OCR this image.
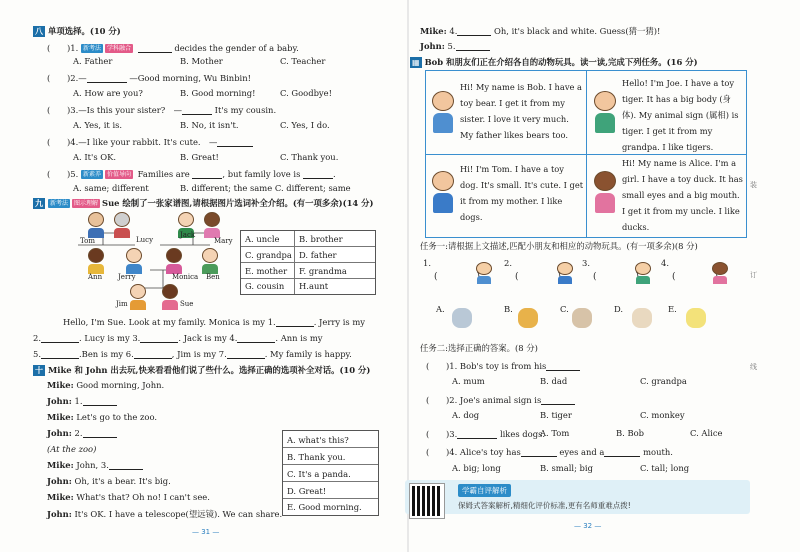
八 单项选择。(10 分)
(　　)1. 新考法 学科融合	decides the gender of a baby.
A. Father	B. Mother	C. Teacher
(　　)2.—	—Good morning, Wu Binbin!
A. How are you?	B. Good morning!	C. Goodbye!
(　　)3.—Is this your sister?　—	It's my cousin.
A. Yes, it is.	B. No, it isn't.	C. Yes, I do.
(　　)4.—I like your rabbit. It's cute.　—
A. It's OK.	B. Great!	C. Thank you.
(　　)5. 新素养 价值导向 Families are	, but family love is	.
A. same; different	B. different; the same C. different; same
九 新考法 图示理解 Sue 绘制了一张家谱图,请根据图片选词补全介绍。(有一项多余)(14 分)
Tom	Lucy
Jack
Mary
Ann Jerry	Monica Ben
Jim	Sue
A. uncle B. brother
C. grandpa D. father
E. mother F. grandma
G. cousin H.aunt
Hello, I'm Sue. Look at my family. Monica is my 1.	. Jerry is my
2.	. Lucy is my 3.	. Jack is my 4.	. Ann is my
5.	.Ben is my 6.	, Jim is my 7.	. My family is happy.
十 Mike 和 John 出去玩,快来看看他们说了些什么。选择正确的选项补全对话。(10 分)
Mike: Good morning, John.
John: 1.
Mike: Let's go to the zoo.
John: 2.
(At the zoo)
Mike: John, 3.
John: Oh, it's a bear. It's big.
Mike: What's that? Oh no! I can't see.
John: It's OK. I have a telescope(望远镜). We can share.
A. what's this?
B. Thank you.
C. It's a panda.
D. Great!
E. Good morning.
— 31 —
Mike: 4.	Oh, it's black and white. Guess(猜一猜)!
John: 5.
▦ Bob 和朋友们正在介绍各自的动物玩具。读一读,完成下列任务。(16 分)
Hi! My name is Bob. I have a toy bear. I get it from my sister. I love it very much. My father likes bears too.
Hello! I'm Joe. I have a toy tiger. It has a big body (身体). My animal sign (属相) is tiger. I get it from my grandpa. I like tigers.
Hi! I'm Tom. I have a toy dog. It's small. It's cute. I get it from my mother. I like dogs.
Hi! My name is Alice. I'm a girl. I have a toy duck. It has small eyes and a big mouth. I get it from my uncle. I like ducks.
任务一:请根据上文描述,匹配小朋友和相应的动物玩具。(有一项多余)(8 分)
1.
(
2.
(
3.
(
4.
(
A.	B.	C.	D.	E.
任务二:选择正确的答案。(8 分)
(　　)1. Bob's toy is from his
A. mum	B. dad	C. grandpa
(　　)2. Joe's animal sign is
A. dog	B. tiger	C. monkey
(　　)3.	likes dogs.
A. Tom	B. Bob	C. Alice
(　　)4. Alice's toy has	eyes and a	mouth.
A. big; long	B. small; big	C. tall; long
学霸自评解析
保姆式答案解析,精细化评价标准,更有名师重难点拨!
装
订
线
— 32 —
